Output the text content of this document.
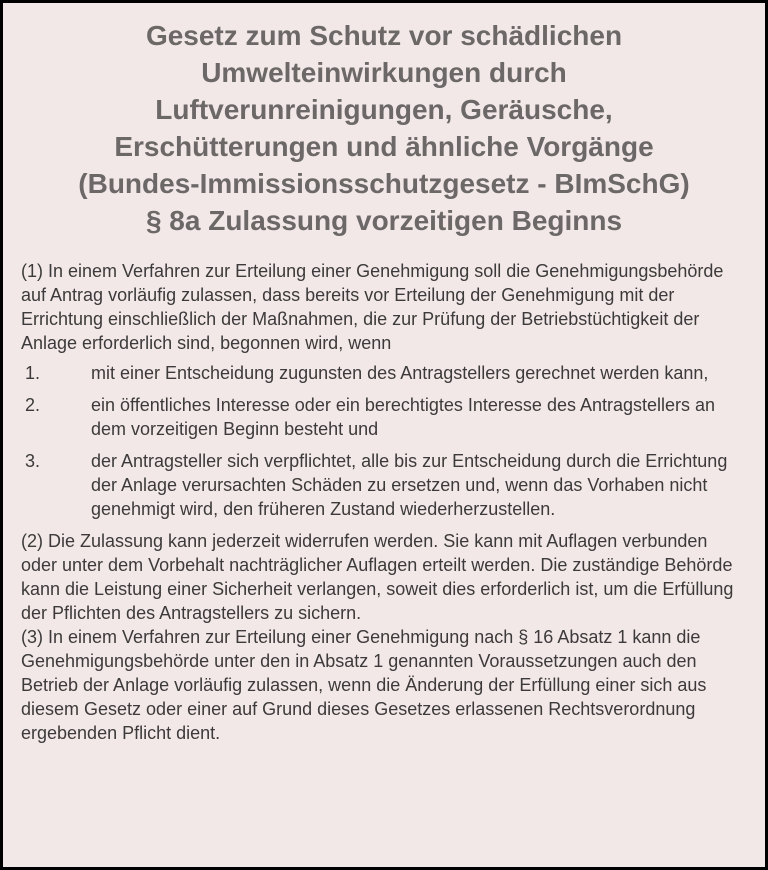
Gesetz zum Schutz vor schädlichen
Umwelteinwirkungen durch
Luftverunreinigungen, Geräusche,
Erschütterungen und ähnliche Vorgänge
(Bundes-Immissionsschutzgesetz - BImSchG)
§ 8a Zulassung vorzeitigen Beginns

(1) In einem Verfahren zur Erteilung einer Genehmigung soll die Genehmigungsbehörde auf Antrag vorläufig zulassen, dass bereits vor Erteilung der Genehmigung mit der Errichtung einschließlich der Maßnahmen, die zur Prüfung der Betriebstüchtigkeit der Anlage erforderlich sind, begonnen wird, wenn

1.	mit einer Entscheidung zugunsten des Antragstellers gerechnet werden kann,
2.	ein öffentliches Interesse oder ein berechtigtes Interesse des Antragstellers an dem vorzeitigen Beginn besteht und
3.	der Antragsteller sich verpflichtet, alle bis zur Entscheidung durch die Errichtung der Anlage verursachten Schäden zu ersetzen und, wenn das Vorhaben nicht genehmigt wird, den früheren Zustand wiederherzustellen.

(2) Die Zulassung kann jederzeit widerrufen werden. Sie kann mit Auflagen verbunden oder unter dem Vorbehalt nachträglicher Auflagen erteilt werden. Die zuständige Behörde kann die Leistung einer Sicherheit verlangen, soweit dies erforderlich ist, um die Erfüllung der Pflichten des Antragstellers zu sichern.

(3) In einem Verfahren zur Erteilung einer Genehmigung nach § 16 Absatz 1 kann die Genehmigungsbehörde unter den in Absatz 1 genannten Voraussetzungen auch den Betrieb der Anlage vorläufig zulassen, wenn die Änderung der Erfüllung einer sich aus diesem Gesetz oder einer auf Grund dieses Gesetzes erlassenen Rechtsverordnung ergebenden Pflicht dient.
